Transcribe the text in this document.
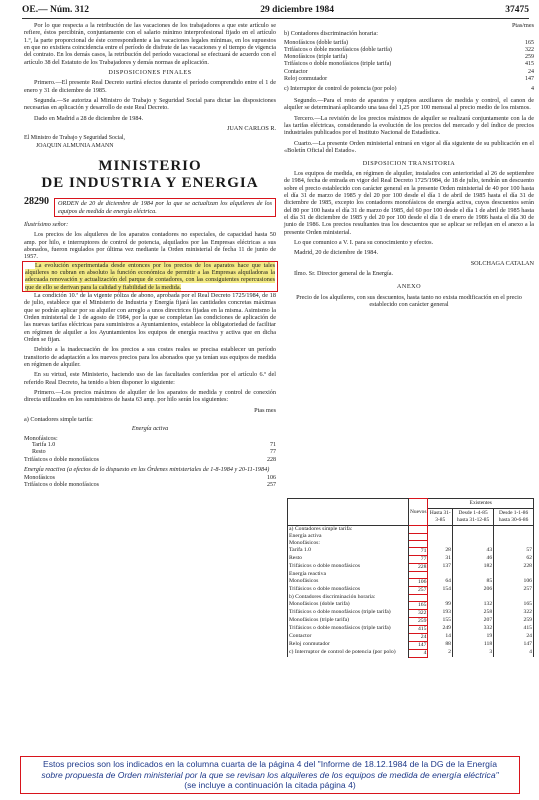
OE.— Núm. 312	29 diciembre 1984	37475

Por lo que respecta a la retribución de las vacaciones de los trabajadores a que este artículo se refiere, éstos percibirán, conjuntamente con el salario mínimo interprofesional fijado en el artículo 1.º, la parte proporcional de éste correspondiente a las vacaciones legales mínimas, en los supuestos en que no existiera coincidencia entre el período de disfrute de las vacaciones y el tiempo de vigencia del contrato. En los demás casos, la retribución del período vacacional se efectuará de acuerdo con el artículo 38 del Estatuto de los Trabajadores y demás normas de aplicación.

DISPOSICIONES FINALES

Primero.—El presente Real Decreto surtirá efectos durante el período comprendido entre el 1 de enero y 31 de diciembre de 1985.

Segunda.—Se autoriza al Ministro de Trabajo y Seguridad Social para dictar las disposiciones necesarias en aplicación y desarrollo de este Real Decreto.

Dado en Madrid a 28 de diciembre de 1984.

JUAN CARLOS R.

El Ministro de Trabajo y Seguridad Social,

JOAQUIN ALMUNIA AMANN

MINISTERIO
DE INDUSTRIA Y ENERGIA
28290	ORDEN de 20 de diciembre de 1984 por la que se actualizan los alquileres de los equipos de medida de energía eléctrica.

Ilustrísimo señor:

Los precios de los alquileres de los aparatos contadores no especiales, de capacidad hasta 50 amp. por hilo, e interruptores de control de potencia, alquilados por las Empresas eléctricas a sus abonados, fueron regulados por última vez mediante la Orden ministerial de fecha 11 de junio de 1957.

La evolución experimentada desde entonces por los precios de los aparatos hace que tales alquileres no cubran en absoluto la función económica de permitir a las Empresas alquiladoras la adecuada renovación y actualización del parque de contadores, con las consiguientes repercusiones que de ello se derivan para la calidad y fiabilidad de la medida.

La condición 10.ª de la vigente póliza de abono, aprobada por el Real Decreto 1725/1984, de 18 de julio, establece que el Ministerio de Industria y Energía fijará las cantidades concretas máximas que se podrán aplicar por su alquiler con arreglo a unos directrices fijadas en la misma. Asimismo la Orden ministerial de 1 de agosto de 1984, por la que se completan las condiciones de aplicación de las nuevas tarifas eléctricas para suministros a Ayuntamientos, establece la obligatoriedad de facilitar en régimen de alquiler a los Ayuntamientos los equipos de energía reactiva y activa que en dicha Orden se fijan.

Debido a la inadecuación de los precios a sus costes reales se precisa establecer un período transitorio de adaptación a los nuevos precios para los abonados que ya tenían sus equipos de medida en régimen de alquiler.

En su virtud, este Ministerio, haciendo uso de las facultades conferidas por el artículo 6.º del referido Real Decreto, ha tenido a bien disponer lo siguiente:

Primero.—Los precios máximos de alquiler de los aparatos de medida y control de conexión directa utilizados en los suministros de hasta 63 amp. por hilo serán los siguientes:

Ptas mes

a) Contadores simple tarifa:

Energía activa

Monofásicos:

Tarifa 1.0	71
Resto	77
Trifásicos o doble monofásicos	228

Energía reactiva (a efectos de lo dispuesto en las Órdenes ministeriales de 1-8-1984 y 20-11-1984)

Monofásicos	106
Trifásicos o doble monofásicos	257

Ptas/mes

b) Contadores discriminación horaria:

Monofásicos (doble tarifa)	165
Trifásicos o doble monofásicos (doble tarifa)	322
Monofásicos (triple tarifa)	259
Trifásicos o doble monofásicos (triple tarifa)	415
Contactor	24
Reloj conmutador	147
c) Interruptor de control de potencia (por polo)	4

Segundo.—Para el resto de aparatos y equipos auxiliares de medida y control, el canon de alquiler se determinará aplicando una tasa del 1,25 por 100 mensual al precio medio de los mismos.

Tercero.—La revisión de los precios máximos de alquiler se realizará conjuntamente con la de las tarifas eléctricas, considerando la evolución de los precios del mercado y del índice de precios industriales publicados por el Instituto Nacional de Estadística.

Cuarto.—La presente Orden ministerial entrará en vigor al día siguiente de su publicación en el «Boletín Oficial del Estado».

DISPOSICION TRANSITORIA

Los equipos de medida, en régimen de alquiler, instalados con anterioridad al 26 de septiembre de 1984, fecha de entrada en vigor del Real Decreto 1725/1984, de 18 de julio, tendrán un descuento sobre el precio establecido con carácter general en la presente Orden ministerial de 40 por 100 hasta el día 31 de marzo de 1985 y del 20 por 100 desde el día 1 de abril de 1985 hasta el día 31 de diciembre de 1985, excepto los contadores monofásicos de energía activa, cuyos descuentos serán del 80 por 100 hasta el día 31 de marzo de 1985, del 60 por 100 desde el día 1 de abril de 1985 hasta el día 31 de diciembre de 1985 y del 20 por 100 desde el día 1 de enero de 1986 hasta el día 30 de junio de 1986. Los precios resultantes tras los descuentos que se aplicar se reflejan en el anexo a la presente Orden ministerial.

Lo que comunico a V. I. para su conocimiento y efectos.

Madrid, 20 de diciembre de 1984.

SOLCHAGA CATALAN

Ilmo. Sr. Director general de la Energía.

ANEXO

Precio de los alquileres, con sus descuentos, hasta tanto no exista modificación en el precio establecido con carácter general

	Nuevos	Existentes		
		Hasta 31-3-85	Desde 1-4-85 hasta 31-12-85	Desde 1-1-86 hasta 30-6-86
a) Contadores simple tarifa:				
Energía activa				
Monofásicos:				
Tarifa 1.0	71	28	43	57
Resto	77	31	46	62
Trifásicos o doble monofásicos	228	137	182	228
Energía reactiva				
Monofásicos	106	64	85	106
Trifásicos o doble monofásicos	257	154	206	257
b) Contadores discriminación horaria:				
Monofásicos (doble tarifa)	165	99	132	165
Trifásicos o doble monofásicos (triple tarifa)	322	193	258	322
Monofásicos (triple tarifa)	259	155	207	259
Trifásicos o doble monofásicos (triple tarifa)	415	249	332	415
Contactor	24	14	19	24
Reloj conmutador	147	88	118	147
c) Interruptor de control de potencia (por polo)	4	2	3	4
Estos precios son los indicados en la columna cuarta de la página 4 del "Informe de 18.12.1984 de la DG de la Energía
sobre propuesta de Orden ministerial por la que se revisan los alquileres de los equipos de medida de energía eléctrica"
(se incluye a continuación la citada página 4)
